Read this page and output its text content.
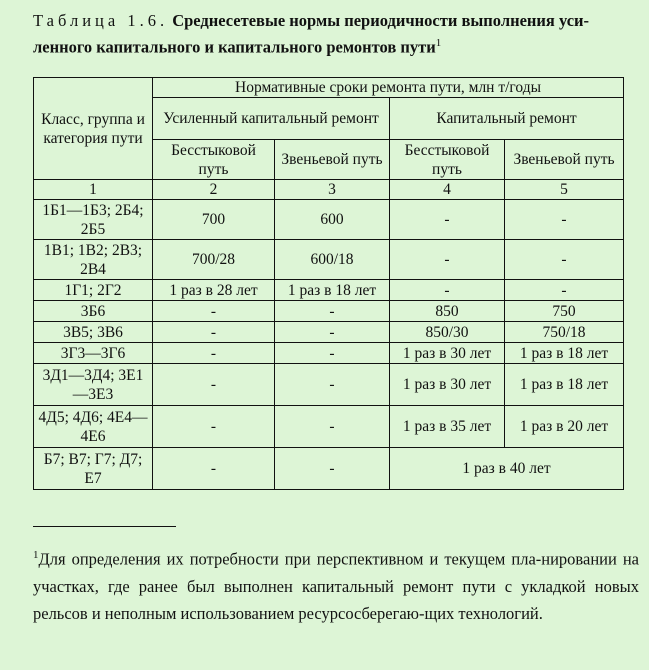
Таблица 1.6. Среднесетевые нормы периодичности выполнения уси-ленного капитального и капитального ремонтов пути$^1$
Класс, группа и категория пути	Нормативные сроки ремонта пути, млн т/годы			
	Усиленный капитальный ремонт		Капитальный ремонт	
	Бесстыковой путь	Звеньевой путь	Бесстыковой путь	Звеньевой путь
1	2	3	4	5
1Б1—1Б3; 2Б4; 2Б5	700	600	-	-
1В1; 1В2; 2В3; 2В4	700/28	600/18	-	-
1Г1; 2Г2	1 раз в 28 лет	1 раз в 18 лет	-	-
3Б6	-	-	850	750
3В5; 3В6	-	-	850/30	750/18
3Г3—3Г6	-	-	1 раз в 30 лет	1 раз в 18 лет
3Д1—3Д4; 3Е1—3Е3	-	-	1 раз в 30 лет	1 раз в 18 лет
4Д5; 4Д6; 4Е4—4Е6	-	-	1 раз в 35 лет	1 раз в 20 лет
Б7; В7; Г7; Д7; Е7	-	-	1 раз в 40 лет	
$^1$Для определения их потребности при перспективном и текущем пла-нировании на участках, где ранее был выполнен капитальный ремонт пути с укладкой новых рельсов и неполным использованием ресурсосберегаю-щих технологий.
